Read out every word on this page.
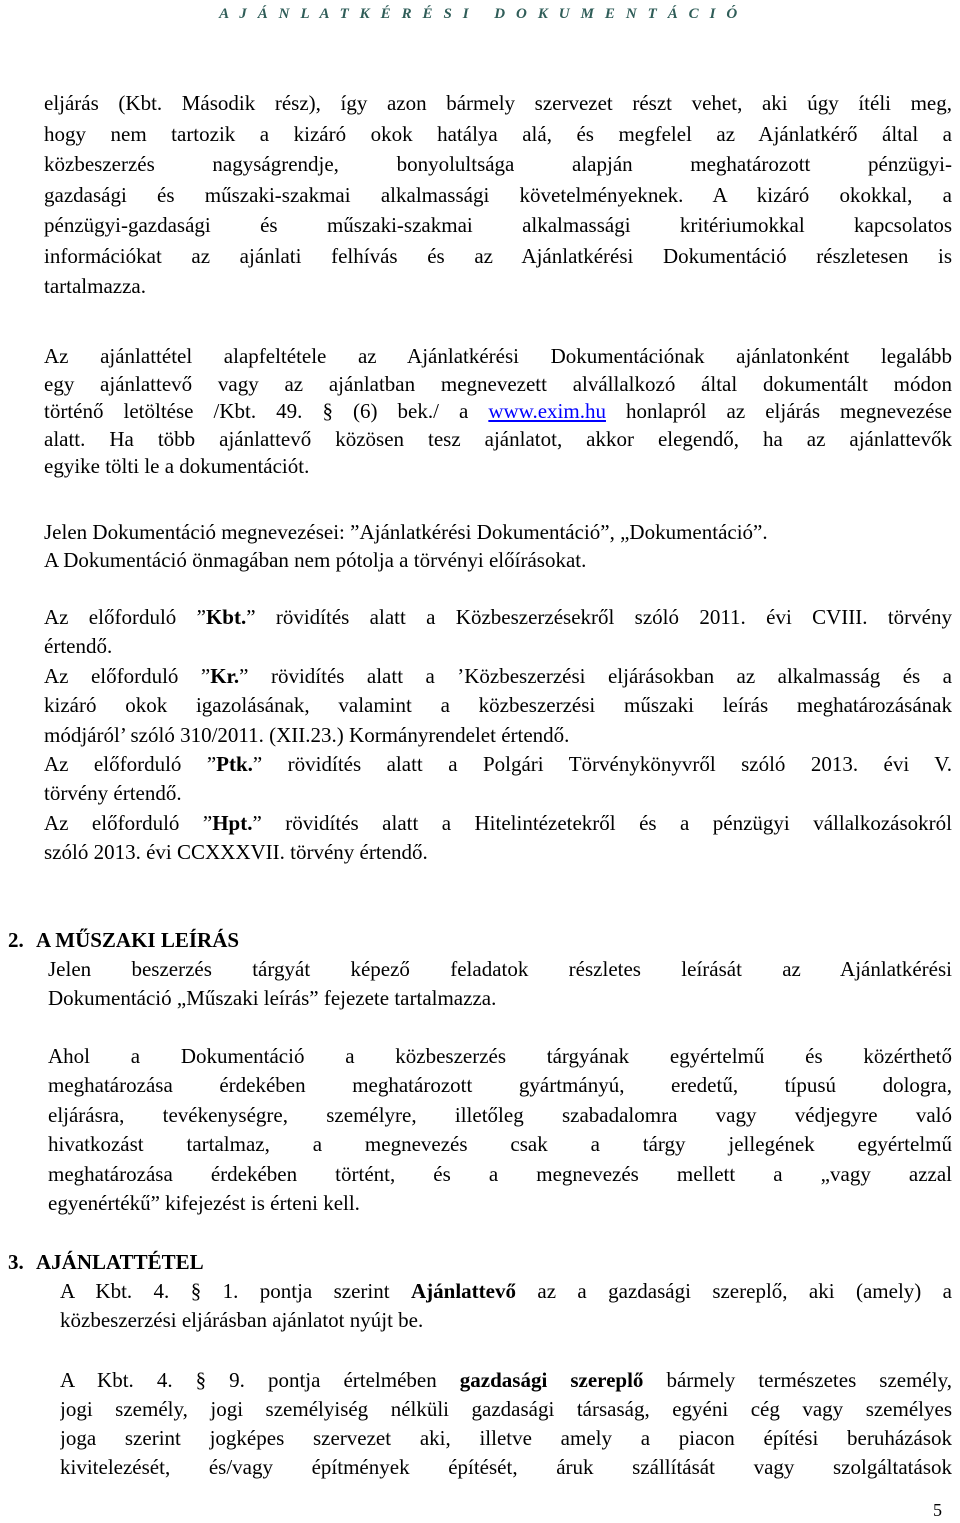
A J Á N L A T K É R É S I   D O K U M E N T Á C I Ó
eljárás (Kbt. Második rész), így azon bármely szervezet részt vehet, aki úgy ítéli meg,
hogy nem tartozik a kizáró okok hatálya alá, és megfelel az Ajánlatkérő által a
közbeszerzés nagyságrendje, bonyolultsága alapján meghatározott pénzügyi-
gazdasági és műszaki-szakmai alkalmassági követelményeknek. A kizáró okokkal, a
pénzügyi-gazdasági és műszaki-szakmai alkalmassági kritériumokkal kapcsolatos
információkat az ajánlati felhívás és az Ajánlatkérési Dokumentáció részletesen is
tartalmazza.
Az ajánlattétel alapfeltétele az Ajánlatkérési Dokumentációnak ajánlatonként legalább
egy ajánlattevő vagy az ajánlatban megnevezett alvállalkozó által dokumentált módon
történő letöltése /Kbt. 49. § (6) bek./ a www.exim.hu honlapról az eljárás megnevezése
alatt. Ha több ajánlattevő közösen tesz ajánlatot, akkor elegendő, ha az ajánlattevők
egyike tölti le a dokumentációt.
Jelen Dokumentáció megnevezései: ”Ajánlatkérési Dokumentáció”, „Dokumentáció”.
A Dokumentáció önmagában nem pótolja a törvényi előírásokat.
Az előforduló ”Kbt.” rövidítés alatt a Közbeszerzésekről szóló 2011. évi CVIII. törvény
értendő.
Az előforduló ”Kr.” rövidítés alatt a ’Közbeszerzési eljárásokban az alkalmasság és a
kizáró okok igazolásának, valamint a közbeszerzési műszaki leírás meghatározásának
módjáról’ szóló 310/2011. (XII.23.) Kormányrendelet értendő.
Az előforduló ”Ptk.” rövidítés alatt a Polgári Törvénykönyvről szóló 2013. évi V.
törvény értendő.
Az előforduló ”Hpt.” rövidítés alatt a Hitelintézetekről és a pénzügyi vállalkozásokról
szóló 2013. évi CCXXXVII. törvény értendő.
2. A MŰSZAKI LEÍRÁS
Jelen beszerzés tárgyát képező feladatok részletes leírását az Ajánlatkérési
Dokumentáció „Műszaki leírás” fejezete tartalmazza.
Ahol a Dokumentáció a közbeszerzés tárgyának egyértelmű és közérthető
meghatározása érdekében meghatározott gyártmányú, eredetű, típusú dologra,
eljárásra, tevékenységre, személyre, illetőleg szabadalomra vagy védjegyre való
hivatkozást tartalmaz, a megnevezés csak a tárgy jellegének egyértelmű
meghatározása érdekében történt, és a megnevezés mellett a „vagy azzal
egyenértékű” kifejezést is érteni kell.
3. AJÁNLATTÉTEL
A Kbt. 4. § 1. pontja szerint Ajánlattevő az a gazdasági szereplő, aki (amely) a
közbeszerzési eljárásban ajánlatot nyújt be.
A Kbt. 4. § 9. pontja értelmében gazdasági szereplő bármely természetes személy,
jogi személy, jogi személyiség nélküli gazdasági társaság, egyéni cég vagy személyes
joga szerint jogképes szervezet aki, illetve amely a piacon építési beruházások
kivitelezését, és/vagy építmények építését, áruk szállítását vagy szolgáltatások
5
